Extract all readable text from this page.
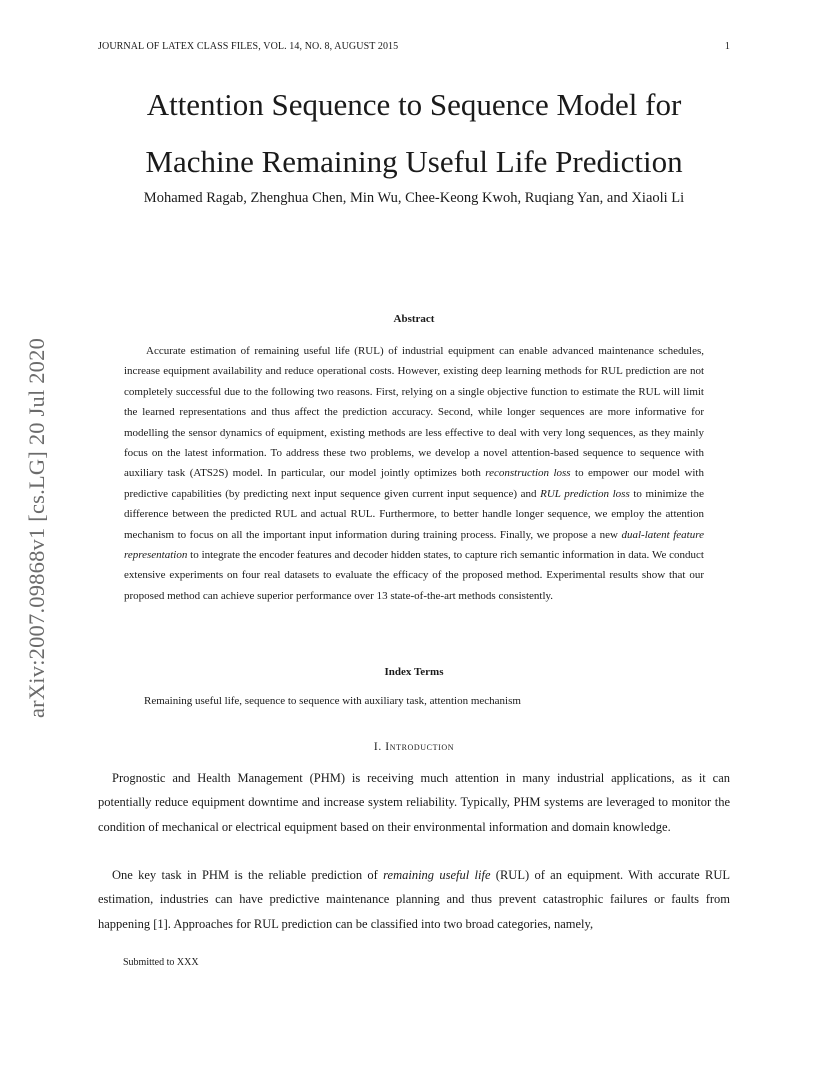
JOURNAL OF LATEX CLASS FILES, VOL. 14, NO. 8, AUGUST 2015	1
Attention Sequence to Sequence Model for Machine Remaining Useful Life Prediction
Mohamed Ragab, Zhenghua Chen, Min Wu, Chee-Keong Kwoh, Ruqiang Yan, and Xiaoli Li
arXiv:2007.09868v1 [cs.LG] 20 Jul 2020
Abstract

Accurate estimation of remaining useful life (RUL) of industrial equipment can enable advanced maintenance schedules, increase equipment availability and reduce operational costs. However, existing deep learning methods for RUL prediction are not completely successful due to the following two reasons. First, relying on a single objective function to estimate the RUL will limit the learned representations and thus affect the prediction accuracy. Second, while longer sequences are more informative for modelling the sensor dynamics of equipment, existing methods are less effective to deal with very long sequences, as they mainly focus on the latest information. To address these two problems, we develop a novel attention-based sequence to sequence with auxiliary task (ATS2S) model. In particular, our model jointly optimizes both reconstruction loss to empower our model with predictive capabilities (by predicting next input sequence given current input sequence) and RUL prediction loss to minimize the difference between the predicted RUL and actual RUL. Furthermore, to better handle longer sequence, we employ the attention mechanism to focus on all the important input information during training process. Finally, we propose a new dual-latent feature representation to integrate the encoder features and decoder hidden states, to capture rich semantic information in data. We conduct extensive experiments on four real datasets to evaluate the efficacy of the proposed method. Experimental results show that our proposed method can achieve superior performance over 13 state-of-the-art methods consistently.

Index Terms
Remaining useful life, sequence to sequence with auxiliary task, attention mechanism
I. Introduction

Prognostic and Health Management (PHM) is receiving much attention in many industrial applications, as it can potentially reduce equipment downtime and increase system reliability. Typically, PHM systems are leveraged to monitor the condition of mechanical or electrical equipment based on their environmental information and domain knowledge.

One key task in PHM is the reliable prediction of remaining useful life (RUL) of an equipment. With accurate RUL estimation, industries can have predictive maintenance planning and thus prevent catastrophic failures or faults from happening [1]. Approaches for RUL prediction can be classified into two broad categories, namely,

Submitted to XXX
